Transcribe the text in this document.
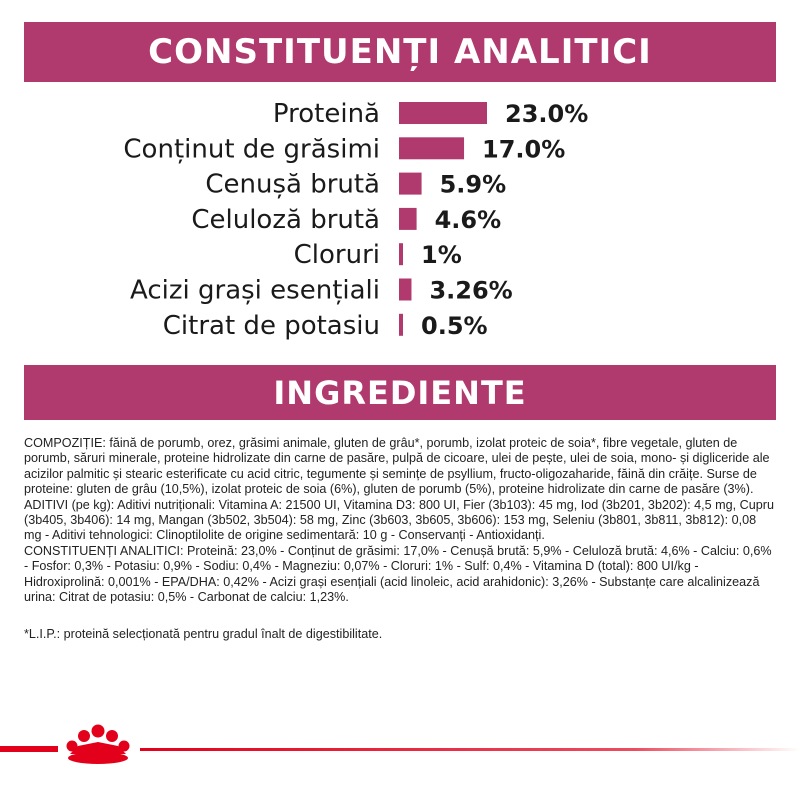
CONSTITUENȚI ANALITICI
Proteină	23.0%
Conținut de grăsimi	17.0%
Cenușă brută 5.9%
Celuloză brută 4.6%
Cloruri 1%
Acizi grași esențiali 3.26%
Citrat de potasiu 0.5%
INGREDIENTE

COMPOZIȚIE: făină de porumb, orez, grăsimi animale, gluten de grâu*, porumb, izolat proteic de soia*, fibre vegetale, gluten de porumb, săruri minerale, proteine hidrolizate din carne de pasăre, pulpă de cicoare, ulei de pește, ulei de soia, mono- și digliceride ale acizilor palmitic și stearic esterificate cu acid citric, tegumente și semințe de psyllium, fructo-oligozaharide, făină din crăițe. Surse de proteine: gluten de grâu (10,5%), izolat proteic de soia (6%), gluten de porumb (5%), proteine hidrolizate din carne de pasăre (3%).

ADITIVI (pe kg): Aditivi nutriționali: Vitamina A: 21500 UI, Vitamina D3: 800 UI, Fier (3b103): 45 mg, Iod (3b201, 3b202): 4,5 mg, Cupru (3b405, 3b406): 14 mg, Mangan (3b502, 3b504): 58 mg, Zinc (3b603, 3b605, 3b606): 153 mg, Seleniu (3b801, 3b811, 3b812): 0,08 mg - Aditivi tehnologici: Clinoptilolite de origine sedimentară: 10 g - Conservanți - Antioxidanți.

CONSTITUENȚI ANALITICI: Proteină: 23,0% - Conținut de grăsimi: 17,0% - Cenușă brută: 5,9% - Celuloză brută: 4,6% - Calciu: 0,6% - Fosfor: 0,3% - Potasiu: 0,9% - Sodiu: 0,4% - Magneziu: 0,07% - Cloruri: 1% - Sulf: 0,4% - Vitamina D (total): 800 UI/kg - Hidroxiprolină: 0,001% - EPA/DHA: 0,42% - Acizi grași esențiali (acid linoleic, acid arahidonic): 3,26% - Substanțe care alcalinizează urina: Citrat de potasiu: 0,5% - Carbonat de calciu: 1,23%.

*L.I.P.: proteină selecționată pentru gradul înalt de digestibilitate.
